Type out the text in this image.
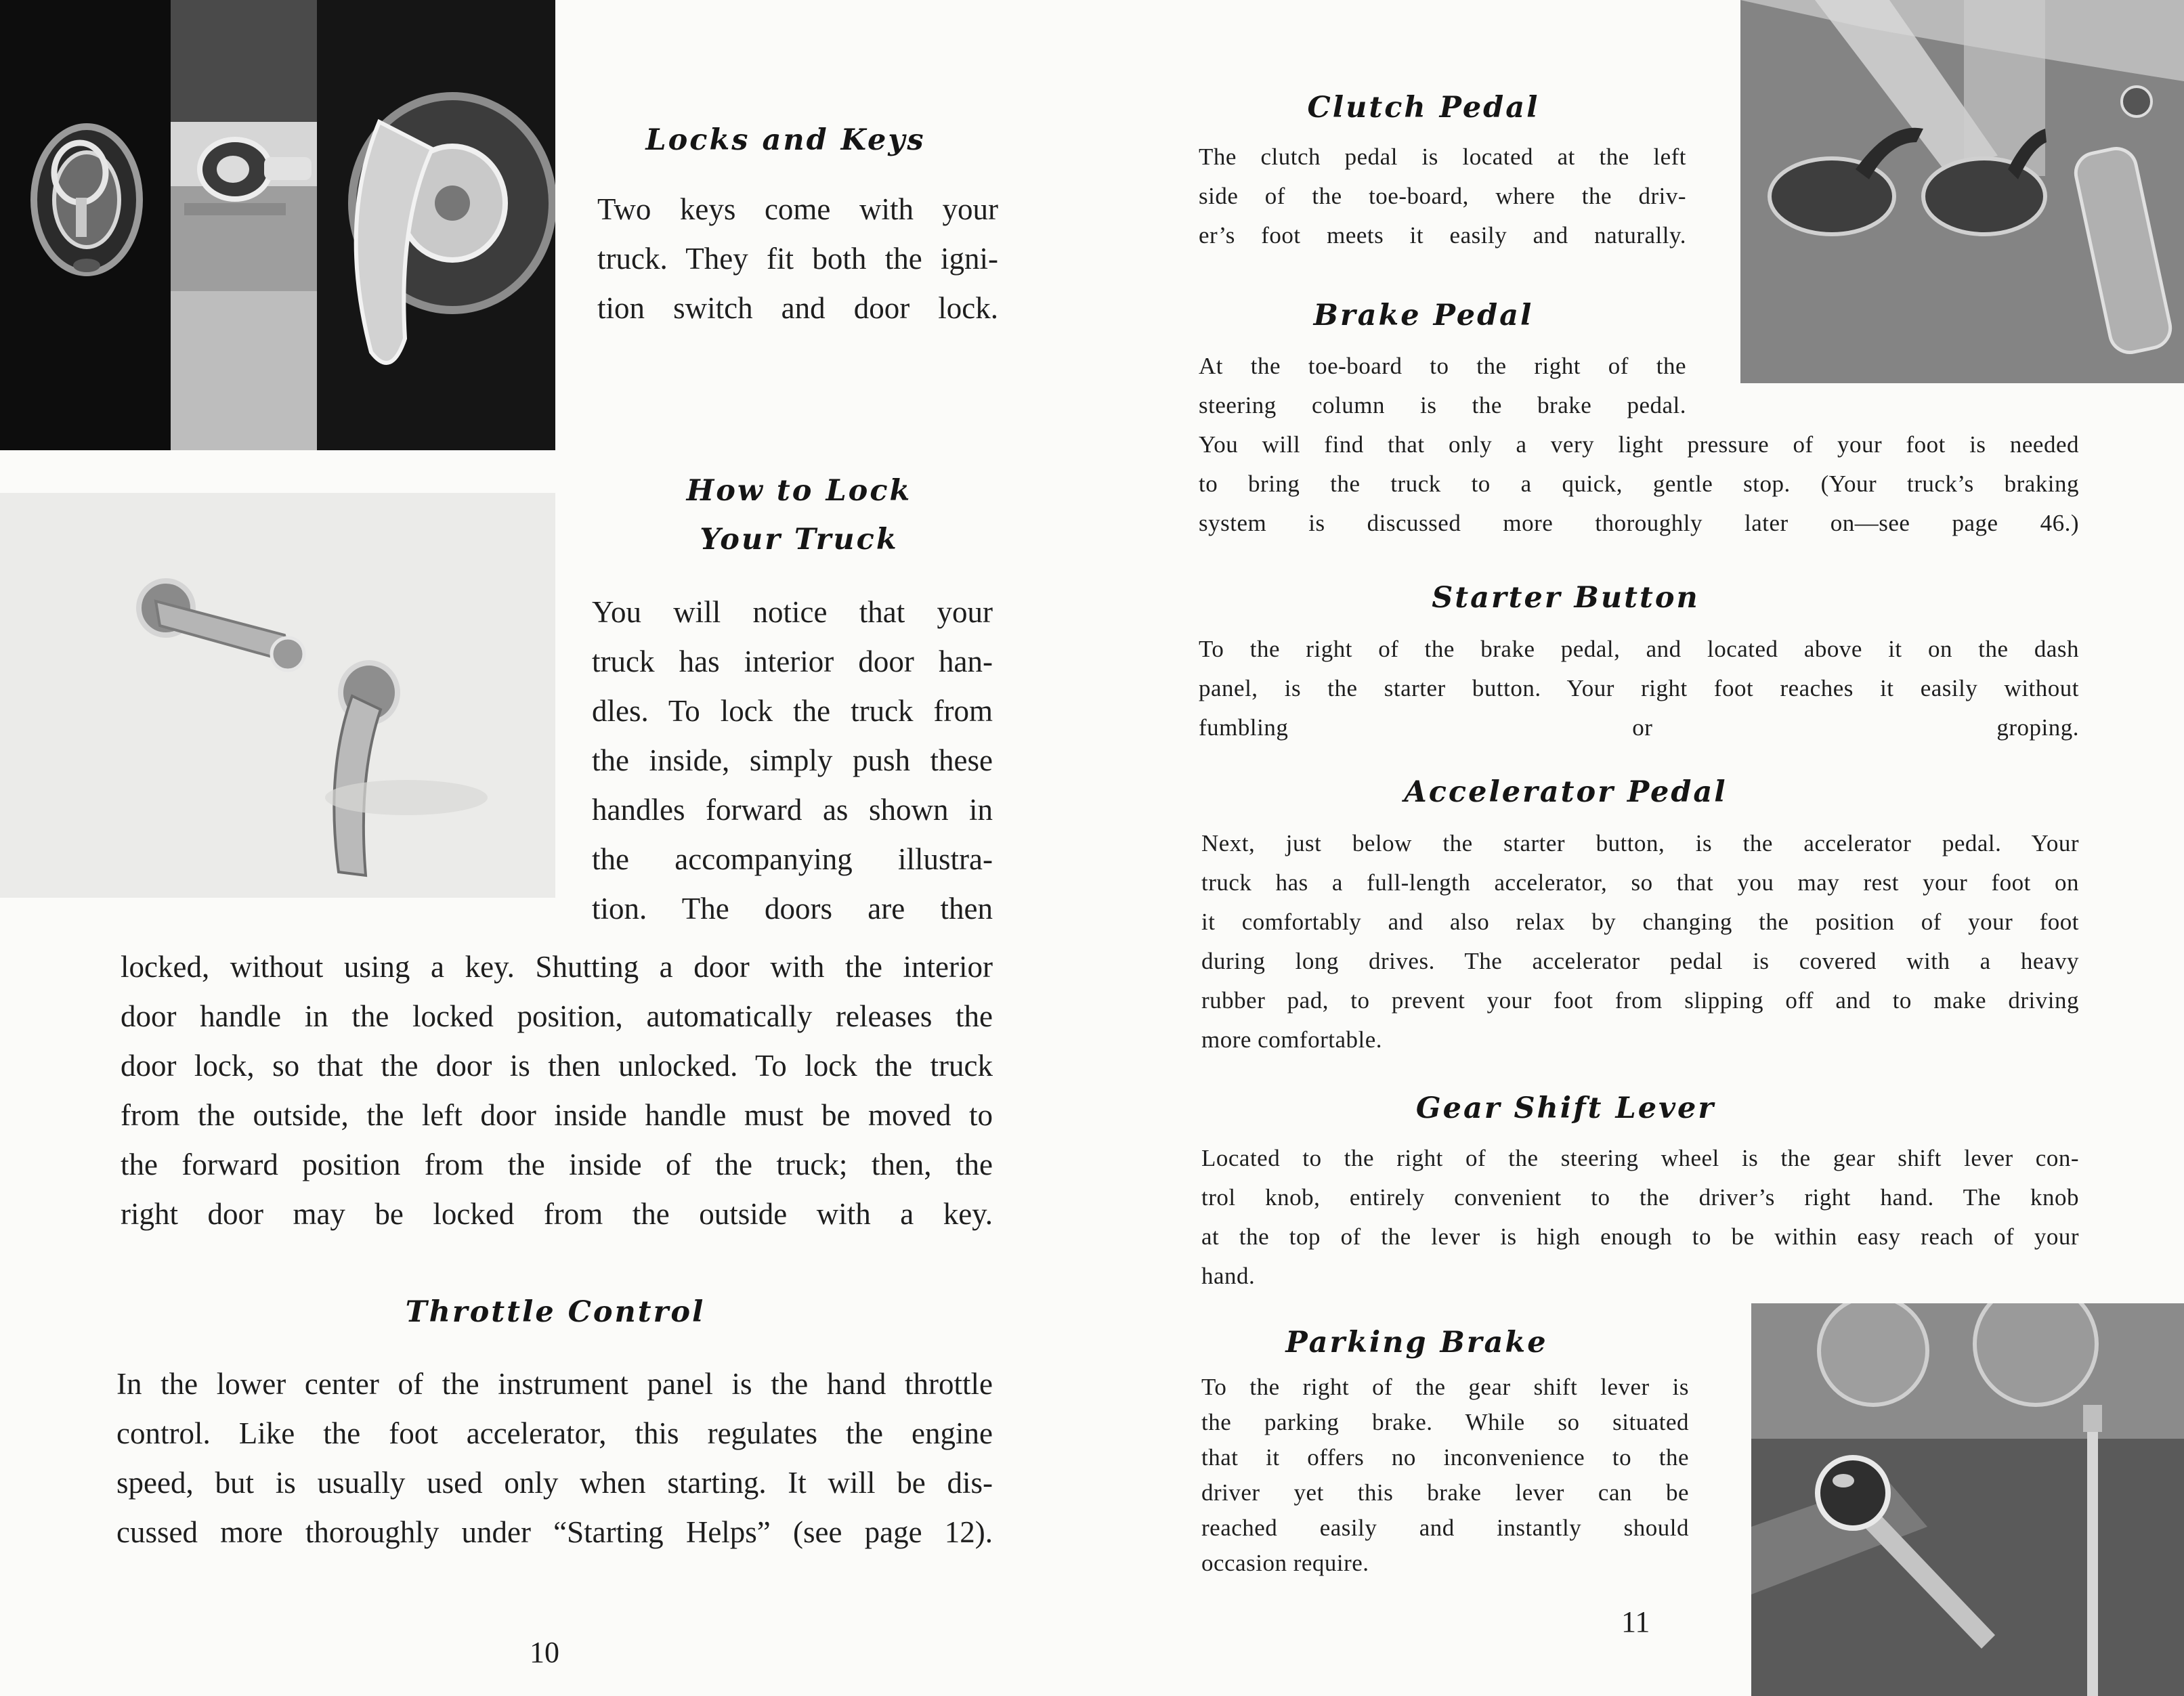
Locks and Keys
Two keys come with your
truck. They fit both the igni-
tion switch and door lock.
How to Lock
Your Truck
You will notice that your
truck has interior door han-
dles. To lock the truck from
the inside, simply push these
handles forward as shown in
the accompanying illustra-
tion. The doors are then
locked, without using a key. Shutting a door with the interior
door handle in the locked position, automatically releases the
door lock, so that the door is then unlocked. To lock the truck
from the outside, the left door inside handle must be moved to
the forward position from the inside of the truck; then, the
right door may be locked from the outside with a key.
Throttle Control
In the lower center of the instrument panel is the hand throttle
control. Like the foot accelerator, this regulates the engine
speed, but is usually used only when starting. It will be dis-
cussed more thoroughly under “Starting Helps” (see page 12).
10
Clutch Pedal
The clutch pedal is located at the left
side of the toe-board, where the driv-
er’s foot meets it easily and naturally.
Brake Pedal
At the toe-board to the right of the
steering column is the brake pedal.
You will find that only a very light pressure of your foot is needed
to bring the truck to a quick, gentle stop. (Your truck’s braking
system is discussed more thoroughly later on—see page 46.)
Starter Button
To the right of the brake pedal, and located above it on the dash
panel, is the starter button. Your right foot reaches it easily without
fumbling or groping.
Accelerator Pedal
Next, just below the starter button, is the accelerator pedal. Your
truck has a full-length accelerator, so that you may rest your foot on
it comfortably and also relax by changing the position of your foot
during long drives. The accelerator pedal is covered with a heavy
rubber pad, to prevent your foot from slipping off and to make driving
more comfortable.
Gear Shift Lever
Located to the right of the steering wheel is the gear shift lever con-
trol knob, entirely convenient to the driver’s right hand. The knob
at the top of the lever is high enough to be within easy reach of your
hand.
Parking Brake
To the right of the gear shift lever is
the parking brake. While so situated
that it offers no inconvenience to the
driver yet this brake lever can be
reached easily and instantly should
occasion require.
11
